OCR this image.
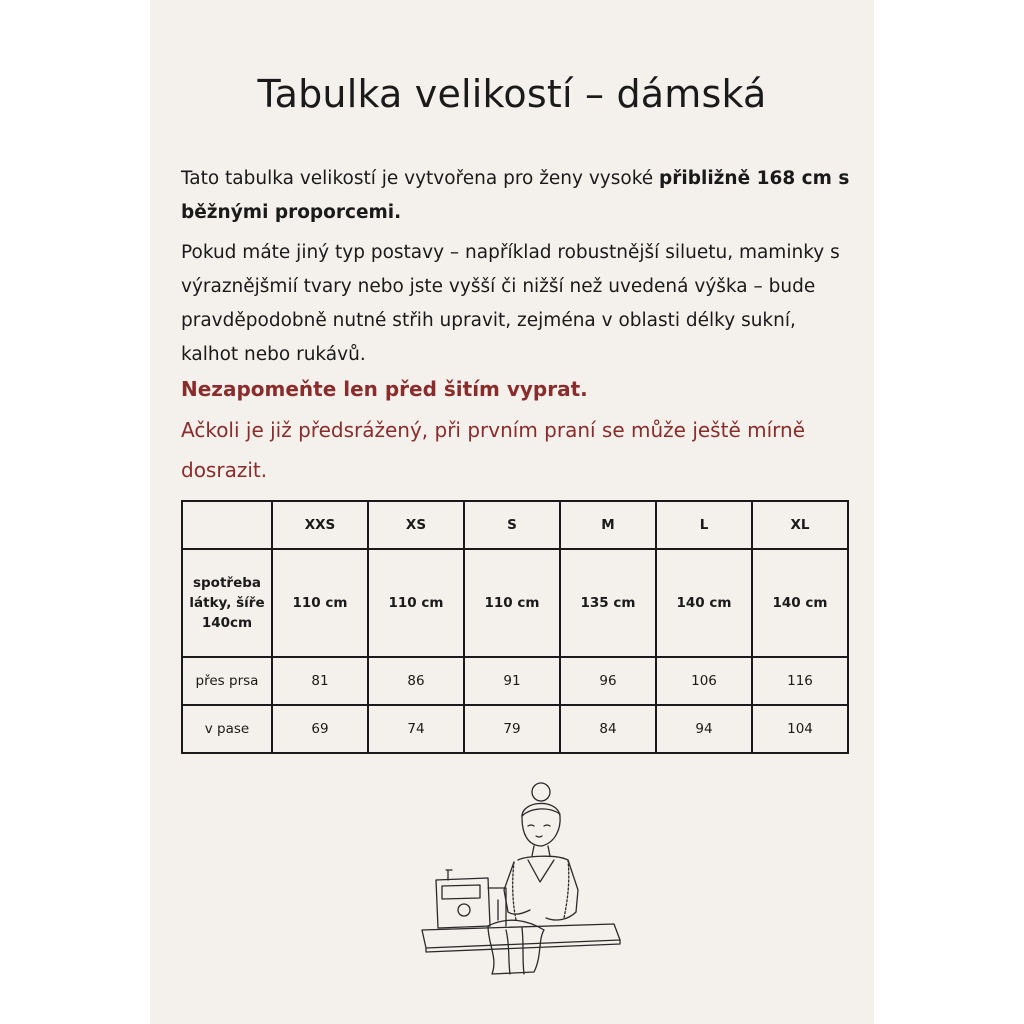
Tabulka velikostí – dámská
Tato tabulka velikostí je vytvořena pro ženy vysoké přibližně 168 cm s běžnými proporcemi.
Pokud máte jiný typ postavy – například robustnější siluetu, maminky s výraznějšmií tvary nebo jste vyšší či nižší než uvedená výška – bude pravděpodobně nutné střih upravit, zejména v oblasti délky sukní, kalhot nebo rukávů.
Nezapomeňte len před šitím vyprat.
Ačkoli je již předsrážený, při prvním praní se může ještě mírně dosrazit.
	XXS	XS	S	M	L	XL
spotřeba látky, šíře 140cm	110 cm	110 cm	110 cm	135 cm	140 cm	140 cm
přes prsa	81	86	91	96	106	116
v pase	69	74	79	84	94	104
